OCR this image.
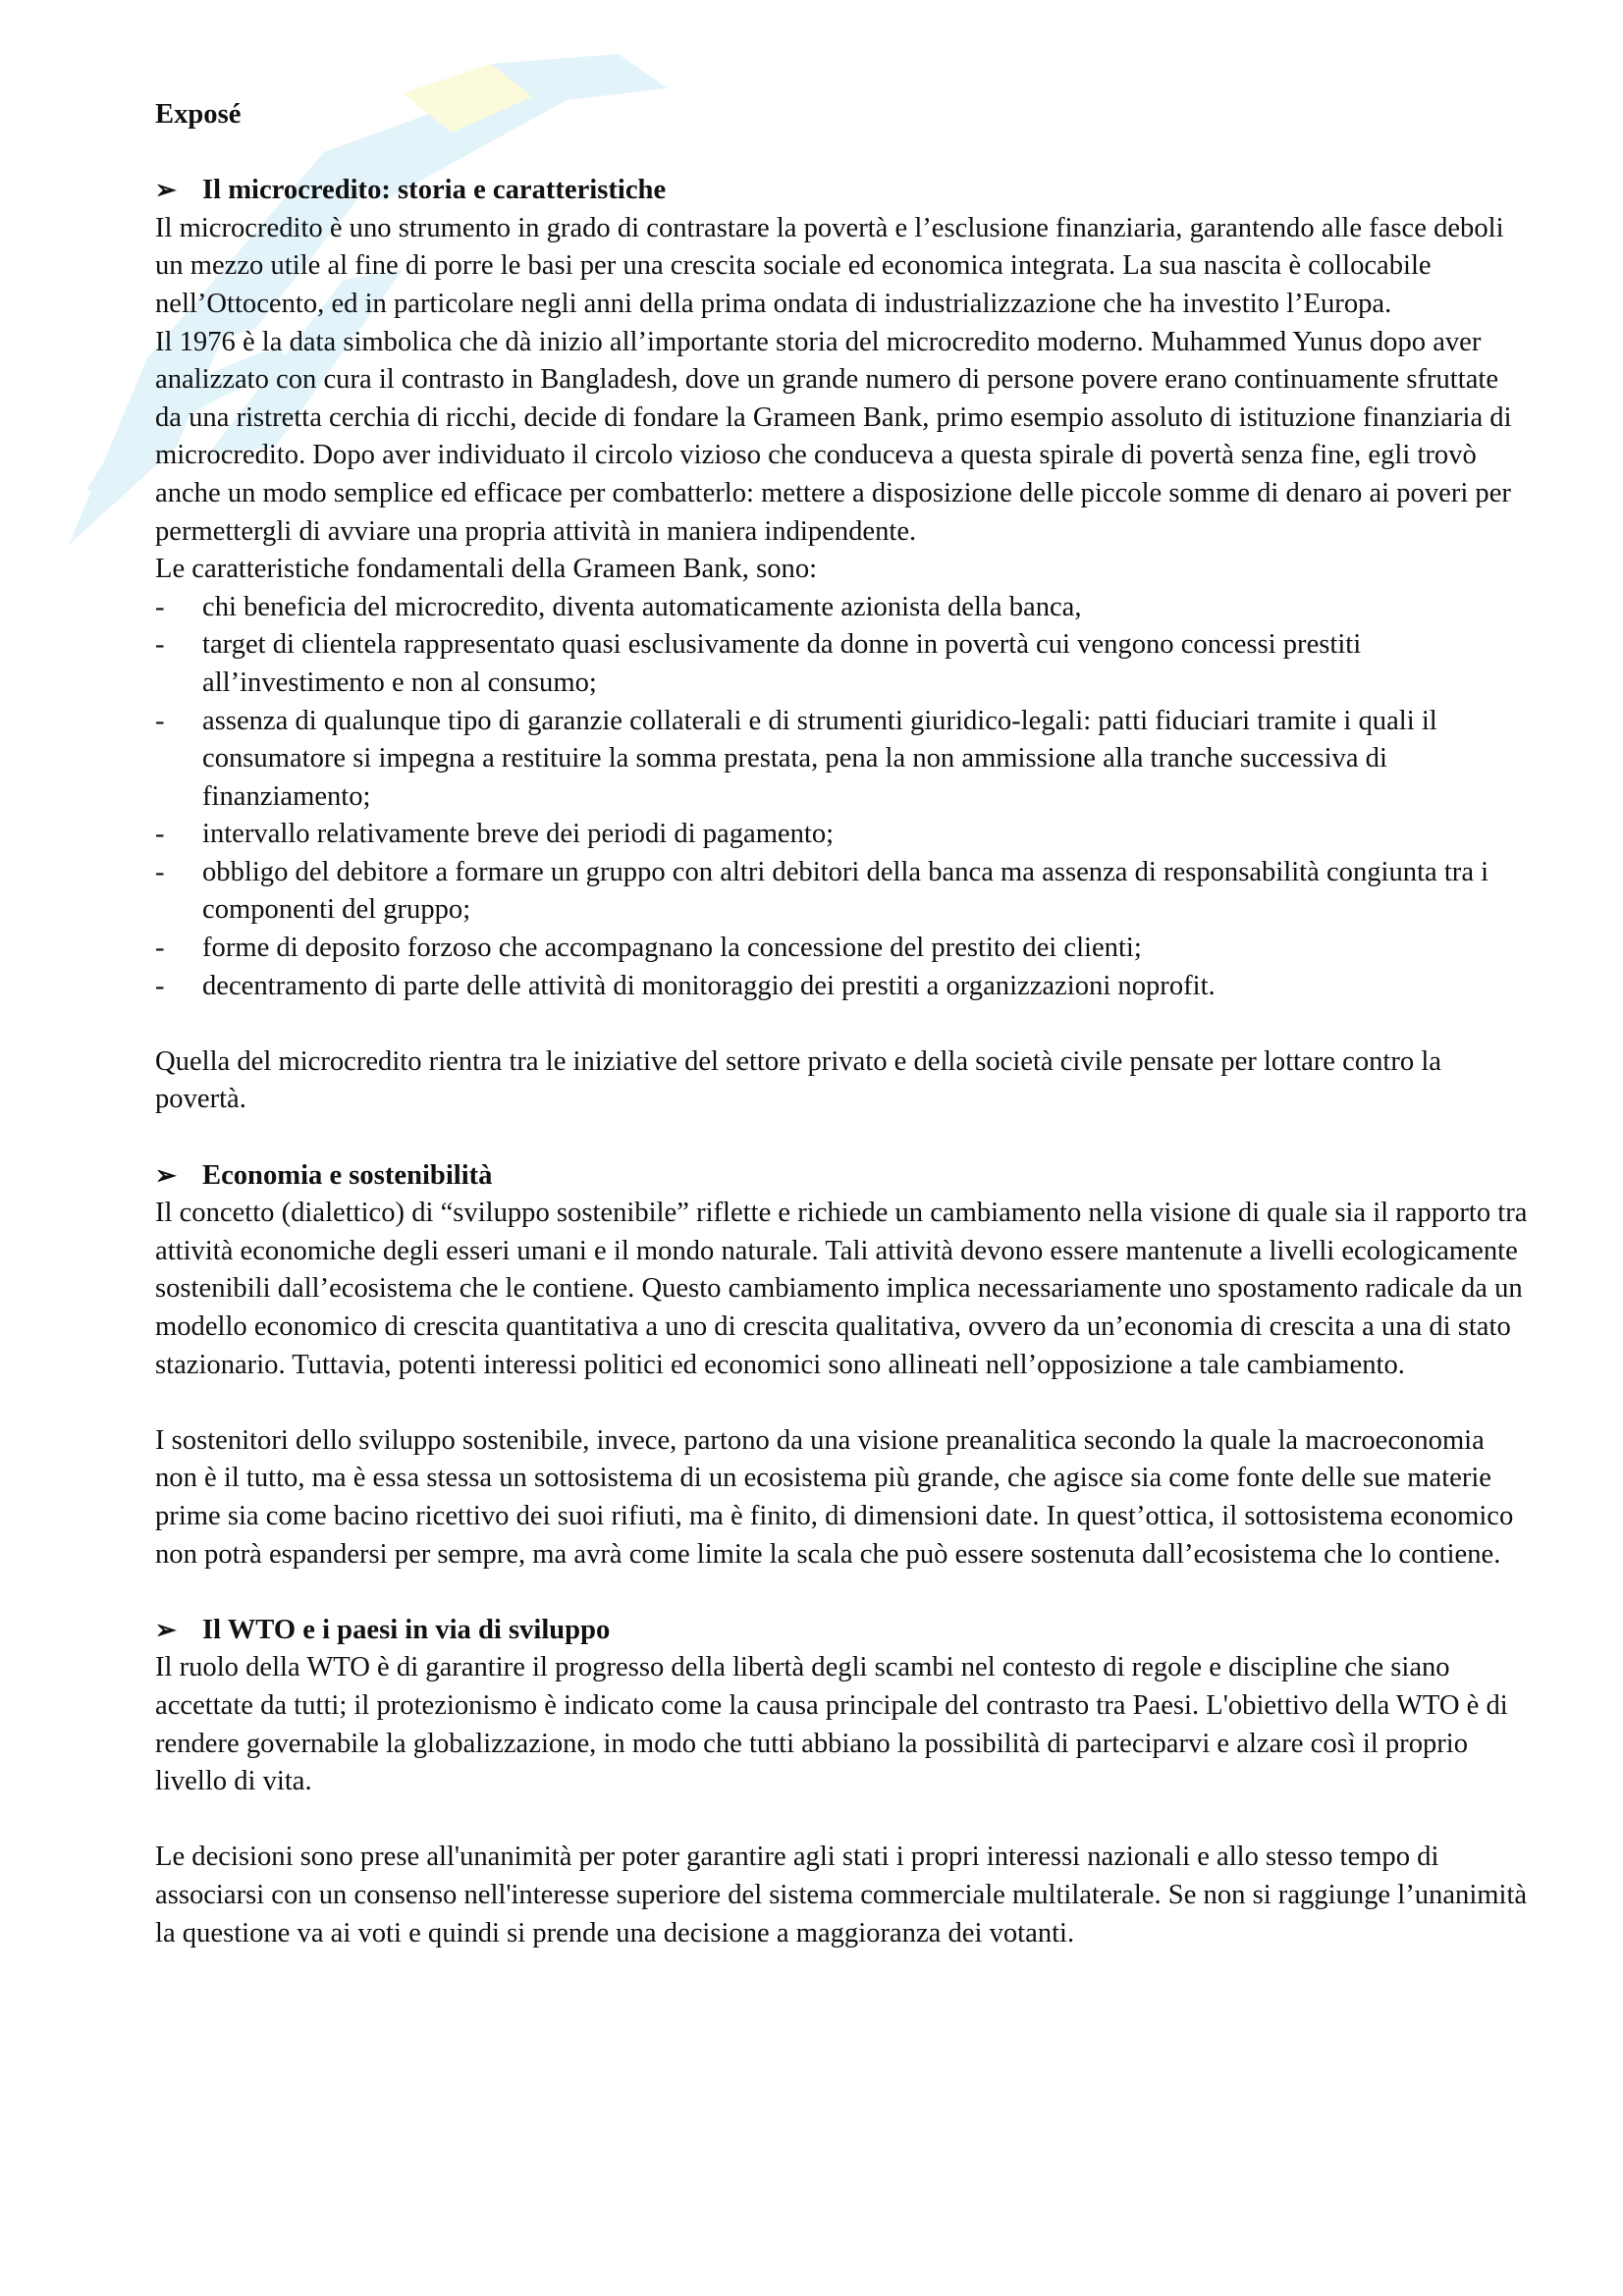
Exposé

➢ Il microcredito: storia e caratteristiche

Il microcredito è uno strumento in grado di contrastare la povertà e l’esclusione finanziaria, garantendo alle fasce deboli un mezzo utile al fine di porre le basi per una crescita sociale ed economica integrata. La sua nascita è collocabile nell’Ottocento, ed in particolare negli anni della prima ondata di industrializzazione che ha investito l’Europa.

Il 1976 è la data simbolica che dà inizio all’importante storia del microcredito moderno. Muhammed Yunus dopo aver analizzato con cura il contrasto in Bangladesh, dove un grande numero di persone povere erano continuamente sfruttate da una ristretta cerchia di ricchi, decide di fondare la Grameen Bank, primo esempio assoluto di istituzione finanziaria di microcredito. Dopo aver individuato il circolo vizioso che conduceva a questa spirale di povertà senza fine, egli trovò anche un modo semplice ed efficace per combatterlo: mettere a disposizione delle piccole somme di denaro ai poveri per permettergli di avviare una propria attività in maniera indipendente.

Le caratteristiche fondamentali della Grameen Bank, sono:

- chi beneficia del microcredito, diventa automaticamente azionista della banca,
- target di clientela rappresentato quasi esclusivamente da donne in povertà cui vengono concessi prestiti all’investimento e non al consumo;
- assenza di qualunque tipo di garanzie collaterali e di strumenti giuridico-legali: patti fiduciari tramite i quali il consumatore si impegna a restituire la somma prestata, pena la non ammissione alla tranche successiva di finanziamento;
- intervallo relativamente breve dei periodi di pagamento;
- obbligo del debitore a formare un gruppo con altri debitori della banca ma assenza di responsabilità congiunta tra i componenti del gruppo;
- forme di deposito forzoso che accompagnano la concessione del prestito dei clienti;
- decentramento di parte delle attività di monitoraggio dei prestiti a organizzazioni noprofit.

Quella del microcredito rientra tra le iniziative del settore privato e della società civile pensate per lottare contro la povertà.

➢ Economia e sostenibilità

Il concetto (dialettico) di “sviluppo sostenibile” riflette e richiede un cambiamento nella visione di quale sia il rapporto tra attività economiche degli esseri umani e il mondo naturale. Tali attività devono essere mantenute a livelli ecologicamente sostenibili dall’ecosistema che le contiene. Questo cambiamento implica necessariamente uno spostamento radicale da un modello economico di crescita quantitativa a uno di crescita qualitativa, ovvero da un’economia di crescita a una di stato stazionario. Tuttavia, potenti interessi politici ed economici sono allineati nell’opposizione a tale cambiamento.

I sostenitori dello sviluppo sostenibile, invece, partono da una visione preanalitica secondo la quale la macroeconomia non è il tutto, ma è essa stessa un sottosistema di un ecosistema più grande, che agisce sia come fonte delle sue materie prime sia come bacino ricettivo dei suoi rifiuti, ma è finito, di dimensioni date. In quest’ottica, il sottosistema economico non potrà espandersi per sempre, ma avrà come limite la scala che può essere sostenuta dall’ecosistema che lo contiene.

➢ Il WTO e i paesi in via di sviluppo

Il ruolo della WTO è di garantire il progresso della libertà degli scambi nel contesto di regole e discipline che siano accettate da tutti; il protezionismo è indicato come la causa principale del contrasto tra Paesi. L'obiettivo della WTO è di rendere governabile la globalizzazione, in modo che tutti abbiano la possibilità di parteciparvi e alzare così il proprio livello di vita.

Le decisioni sono prese all'unanimità per poter garantire agli stati i propri interessi nazionali e allo stesso tempo di associarsi con un consenso nell'interesse superiore del sistema commerciale multilaterale. Se non si raggiunge l’unanimità la questione va ai voti e quindi si prende una decisione a maggioranza dei votanti.
